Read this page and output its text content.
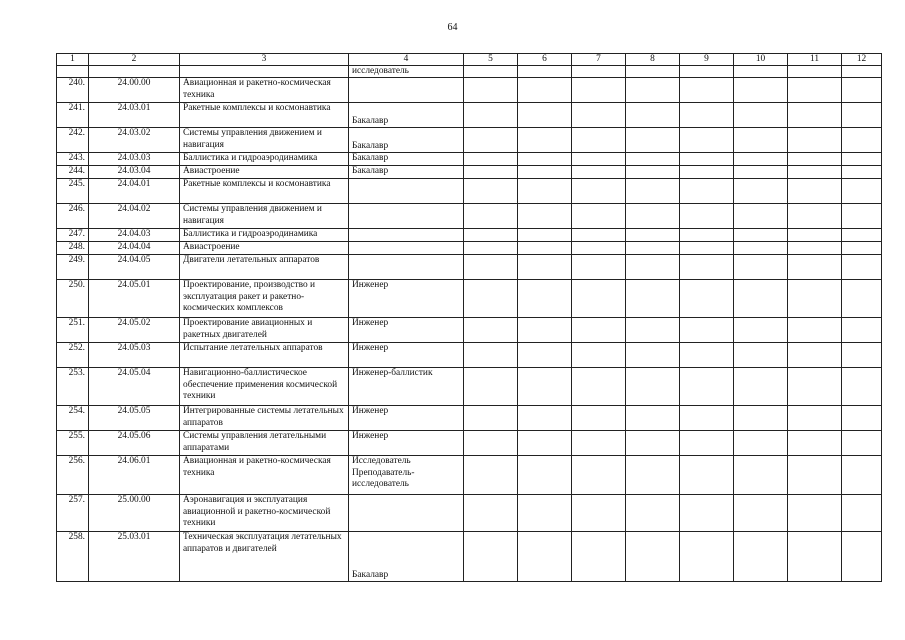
64
1	2	3	4	5	6	7	8	9	10	11	12
			исследователь								
240.	24.00.00	Авиационная и ракетно-космическая техника									
241.	24.03.01	Ракетные комплексы и космонавтика	Бакалавр								
242.	24.03.02	Системы управления движением и навигация	Бакалавр								
243.	24.03.03	Баллистика и гидроаэродинамика	Бакалавр								
244.	24.03.04	Авиастроение	Бакалавр								
245.	24.04.01	Ракетные комплексы и космонавтика									
246.	24.04.02	Системы управления движением и навигация									
247.	24.04.03	Баллистика и гидроаэродинамика									
248.	24.04.04	Авиастроение									
249.	24.04.05	Двигатели летательных аппаратов									
250.	24.05.01	Проектирование, производство и эксплуатация ракет и ракетно-космических комплексов	Инженер								
251.	24.05.02	Проектирование авиационных и ракетных двигателей	Инженер								
252.	24.05.03	Испытание летательных аппаратов	Инженер								
253.	24.05.04	Навигационно-баллистическое обеспечение применения космической техники	Инженер-баллистик								
254.	24.05.05	Интегрированные системы летательных аппаратов	Инженер								
255.	24.05.06	Системы управления летательными аппаратами	Инженер								
256.	24.06.01	Авиационная и ракетно-космическая техника	Исследователь Преподаватель-исследователь								
257.	25.00.00	Аэронавигация и эксплуатация авиационной и ракетно-космической техники									
258.	25.03.01	Техническая эксплуатация летательных аппаратов и двигателей	Бакалавр								
